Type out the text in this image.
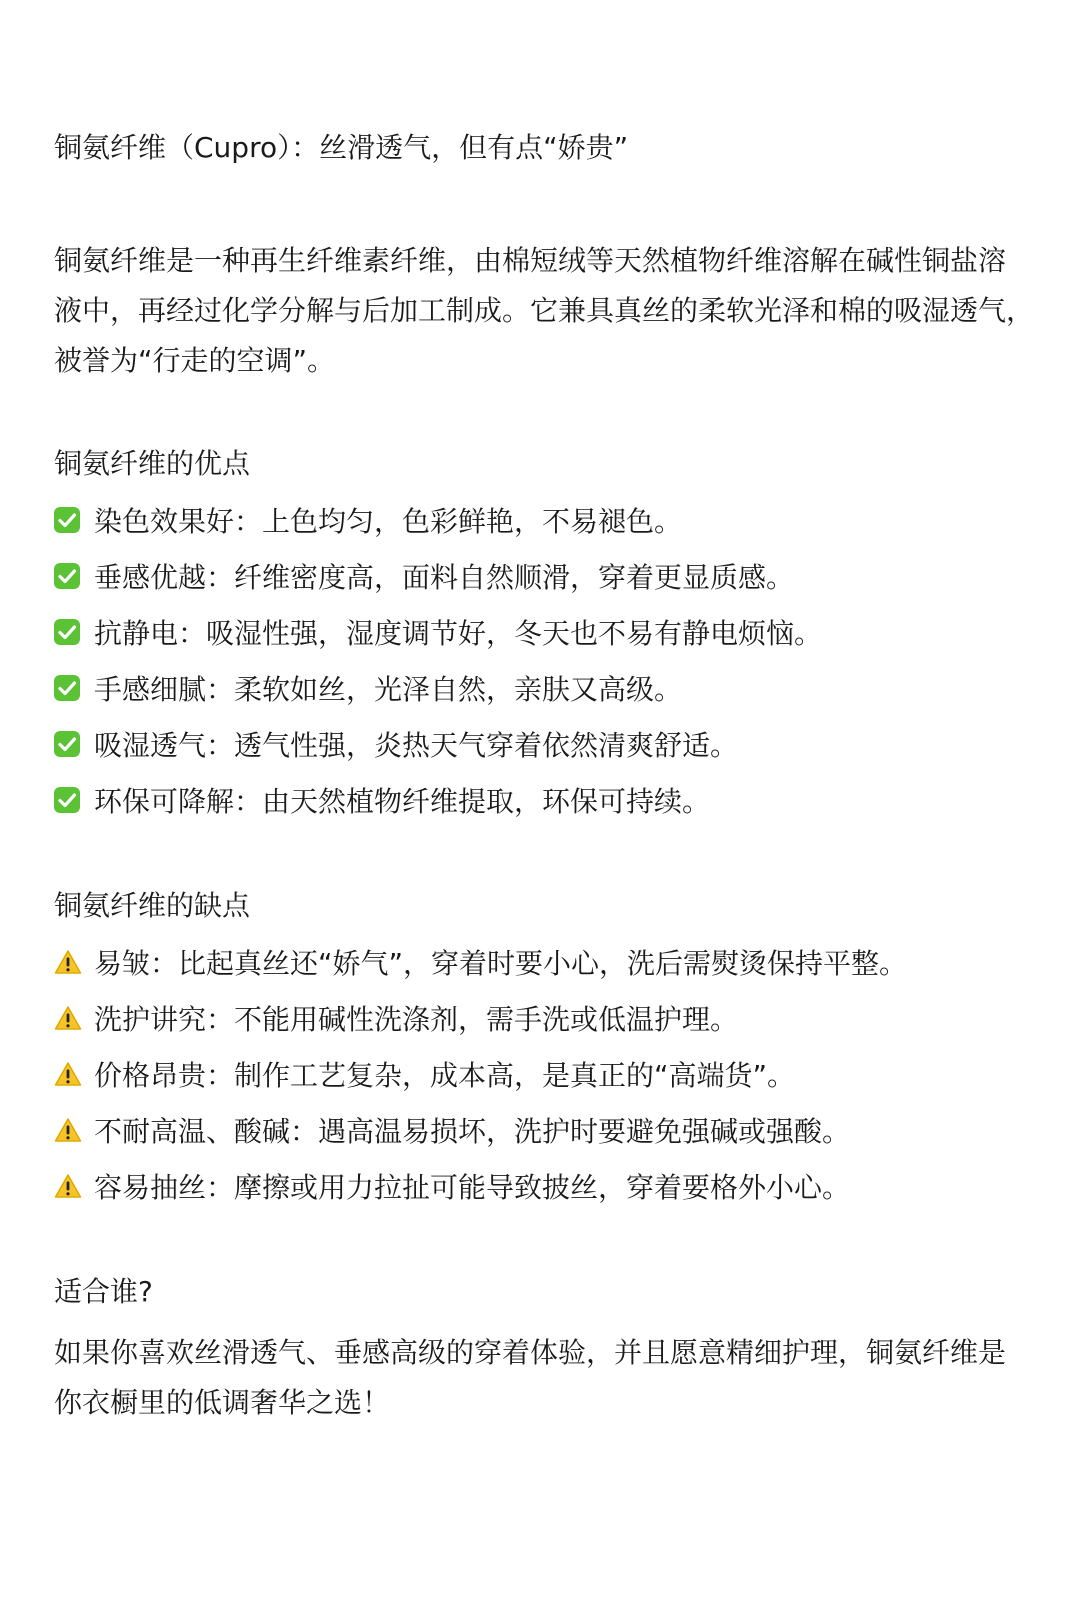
铜氨纤维（Cupro）：丝滑透气，但有点“娇贵”

铜氨纤维是一种再生纤维素纤维，由棉短绒等天然植物纤维溶解在碱性铜盐溶

液中，再经过化学分解与后加工制成。它兼具真丝的柔软光泽和棉的吸湿透气，

被誉为“行走的空调”。

铜氨纤维的优点
染色效果好：上色均匀，色彩鲜艳，不易褪色。
垂感优越：纤维密度高，面料自然顺滑，穿着更显质感。
抗静电：吸湿性强，湿度调节好，冬天也不易有静电烦恼。
手感细腻：柔软如丝，光泽自然，亲肤又高级。
吸湿透气：透气性强，炎热天气穿着依然清爽舒适。
环保可降解：由天然植物纤维提取，环保可持续。
铜氨纤维的缺点
易皱：比起真丝还“娇气”，穿着时要小心，洗后需熨烫保持平整。
洗护讲究：不能用碱性洗涤剂，需手洗或低温护理。
价格昂贵：制作工艺复杂，成本高，是真正的“高端货”。
不耐高温、酸碱：遇高温易损坏，洗护时要避免强碱或强酸。
容易抽丝：摩擦或用力拉扯可能导致披丝，穿着要格外小心。
适合谁?

如果你喜欢丝滑透气、垂感高级的穿着体验，并且愿意精细护理，铜氨纤维是

你衣橱里的低调奢华之选！
